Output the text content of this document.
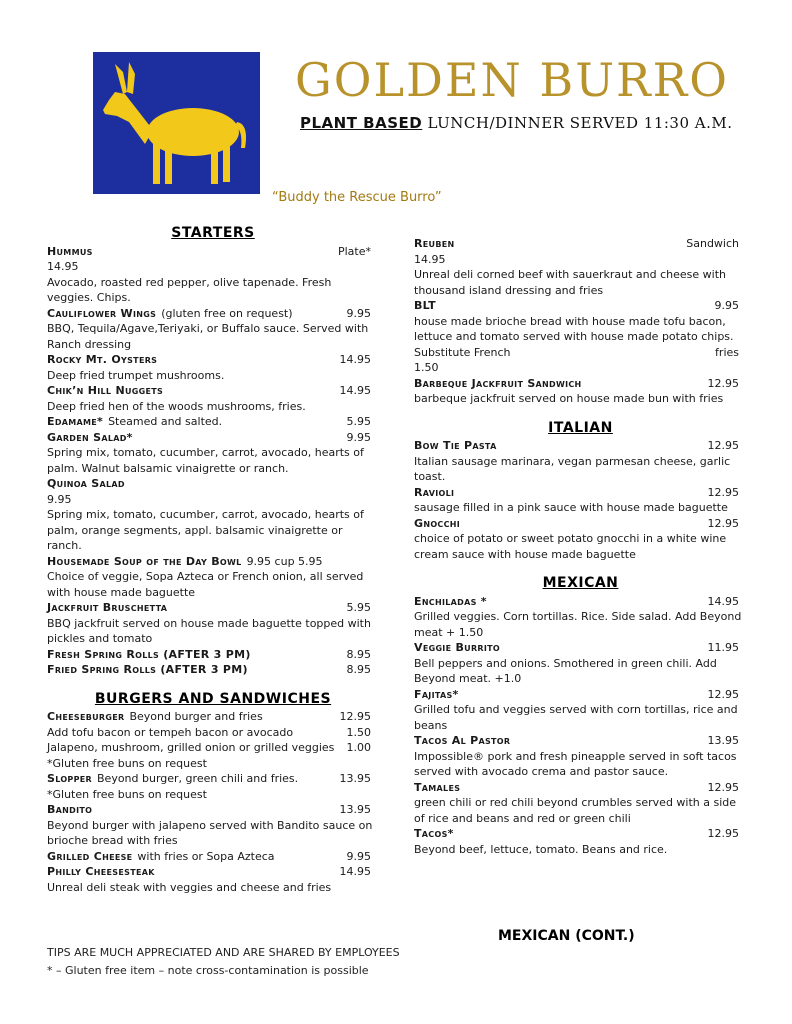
GOLDEN BURRO
PLANT BASED LUNCH/DINNER SERVED 11:30 A.M.
“Buddy the Rescue Burro”
STARTERS
Hummus	Plate*
14.95
Avocado, roasted red pepper, olive tapenade. Fresh veggies. Chips.
Cauliflower Wings (gluten free on request)	9.95
BBQ, Tequila/Agave,Teriyaki, or Buffalo sauce. Served with Ranch dressing
Rocky Mt. Oysters	14.95
Deep fried trumpet mushrooms.
Chik’n Hill Nuggets	14.95
Deep fried hen of the woods mushrooms, fries.
Edamame* Steamed and salted.	5.95
Garden Salad*	9.95
Spring mix, tomato, cucumber, carrot, avocado, hearts of palm. Walnut balsamic vinaigrette or ranch.
Quinoa Salad
9.95
Spring mix, tomato, cucumber, carrot, avocado, hearts of palm, orange segments, appl. balsamic vinaigrette or ranch.
Housemade Soup of the Day Bowl 9.95 cup 5.95
Choice of veggie, Sopa Azteca or French onion, all served with house made baguette
Jackfruit Bruschetta	5.95
BBQ jackfruit served on house made baguette topped with pickles and tomato
Fresh Spring Rolls (AFTER 3 PM)	8.95
Fried Spring Rolls (AFTER 3 PM)	8.95
BURGERS AND SANDWICHES
Cheeseburger Beyond burger and fries	12.95
Add tofu bacon or tempeh bacon or avocado	1.50
Jalapeno, mushroom, grilled onion or grilled veggies 1.00
*Gluten free buns on request
Slopper Beyond burger, green chili and fries.	13.95
*Gluten free buns on request
Bandito	13.95
Beyond burger with jalapeno served with Bandito sauce on brioche bread with fries
Grilled Cheese with fries or Sopa Azteca	9.95
Philly Cheesesteak	14.95
Unreal deli steak with veggies and cheese and fries
Reuben	Sandwich
14.95
Unreal deli corned beef with sauerkraut and cheese with thousand island dressing and fries
BLT	9.95
house made brioche bread with house made tofu bacon, lettuce and tomato served with house made potato chips.
Substitute French	fries
1.50
Barbeque Jackfruit Sandwich	12.95
barbeque jackfruit served on house made bun with fries
ITALIAN
Bow Tie Pasta	12.95
Italian sausage marinara, vegan parmesan cheese, garlic toast.
Ravioli	12.95
sausage filled in a pink sauce with house made baguette
Gnocchi	12.95
choice of potato or sweet potato gnocchi in a white wine cream sauce with house made baguette
MEXICAN
Enchiladas *	14.95
Grilled veggies. Corn tortillas. Rice. Side salad. Add Beyond meat + 1.50
Veggie Burrito	11.95
Bell peppers and onions. Smothered in green chili. Add Beyond meat. +1.0
Fajitas*	12.95
Grilled tofu and veggies served with corn tortillas, rice and beans
Tacos Al Pastor	13.95
Impossible® pork and fresh pineapple served in soft tacos served with avocado crema and pastor sauce.
Tamales	12.95
green chili or red chili beyond crumbles served with a side of rice and beans and red or green chili
Tacos*	12.95
Beyond beef, lettuce, tomato. Beans and rice.
TIPS ARE MUCH APPRECIATED AND ARE SHARED BY EMPLOYEES
* – Gluten free item – note cross-contamination is possible
MEXICAN (CONT.)
